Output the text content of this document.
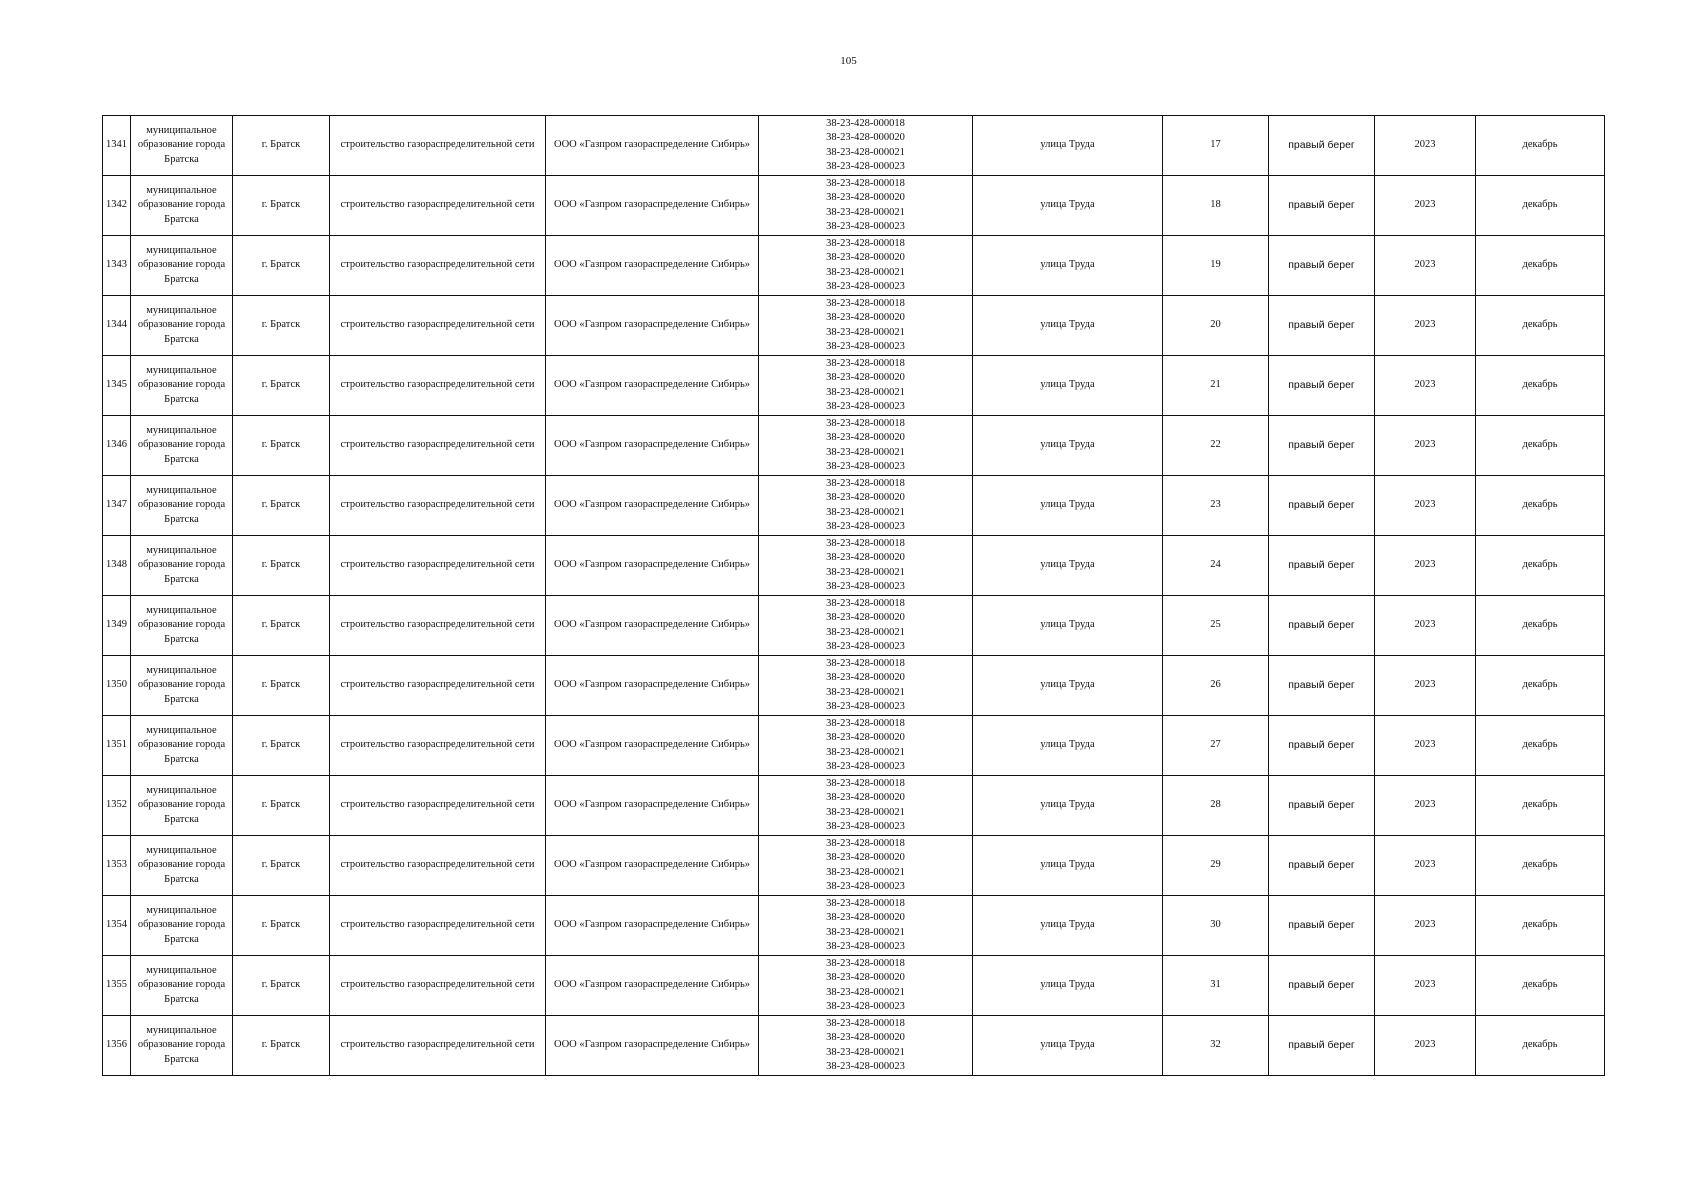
105
1341	муниципальное образование города Братска	г. Братск	строительство газораспределительной сети	ООО «Газпром газораспределение Сибирь»	38-23-428-000018
38-23-428-000020
38-23-428-000021
38-23-428-000023	улица Труда	17	правый берег	2023	декабрь
1342	муниципальное образование города Братска	г. Братск	строительство газораспределительной сети	ООО «Газпром газораспределение Сибирь»	38-23-428-000018
38-23-428-000020
38-23-428-000021
38-23-428-000023	улица Труда	18	правый берег	2023	декабрь
1343	муниципальное образование города Братска	г. Братск	строительство газораспределительной сети	ООО «Газпром газораспределение Сибирь»	38-23-428-000018
38-23-428-000020
38-23-428-000021
38-23-428-000023	улица Труда	19	правый берег	2023	декабрь
1344	муниципальное образование города Братска	г. Братск	строительство газораспределительной сети	ООО «Газпром газораспределение Сибирь»	38-23-428-000018
38-23-428-000020
38-23-428-000021
38-23-428-000023	улица Труда	20	правый берег	2023	декабрь
1345	муниципальное образование города Братска	г. Братск	строительство газораспределительной сети	ООО «Газпром газораспределение Сибирь»	38-23-428-000018
38-23-428-000020
38-23-428-000021
38-23-428-000023	улица Труда	21	правый берег	2023	декабрь
1346	муниципальное образование города Братска	г. Братск	строительство газораспределительной сети	ООО «Газпром газораспределение Сибирь»	38-23-428-000018
38-23-428-000020
38-23-428-000021
38-23-428-000023	улица Труда	22	правый берег	2023	декабрь
1347	муниципальное образование города Братска	г. Братск	строительство газораспределительной сети	ООО «Газпром газораспределение Сибирь»	38-23-428-000018
38-23-428-000020
38-23-428-000021
38-23-428-000023	улица Труда	23	правый берег	2023	декабрь
1348	муниципальное образование города Братска	г. Братск	строительство газораспределительной сети	ООО «Газпром газораспределение Сибирь»	38-23-428-000018
38-23-428-000020
38-23-428-000021
38-23-428-000023	улица Труда	24	правый берег	2023	декабрь
1349	муниципальное образование города Братска	г. Братск	строительство газораспределительной сети	ООО «Газпром газораспределение Сибирь»	38-23-428-000018
38-23-428-000020
38-23-428-000021
38-23-428-000023	улица Труда	25	правый берег	2023	декабрь
1350	муниципальное образование города Братска	г. Братск	строительство газораспределительной сети	ООО «Газпром газораспределение Сибирь»	38-23-428-000018
38-23-428-000020
38-23-428-000021
38-23-428-000023	улица Труда	26	правый берег	2023	декабрь
1351	муниципальное образование города Братска	г. Братск	строительство газораспределительной сети	ООО «Газпром газораспределение Сибирь»	38-23-428-000018
38-23-428-000020
38-23-428-000021
38-23-428-000023	улица Труда	27	правый берег	2023	декабрь
1352	муниципальное образование города Братска	г. Братск	строительство газораспределительной сети	ООО «Газпром газораспределение Сибирь»	38-23-428-000018
38-23-428-000020
38-23-428-000021
38-23-428-000023	улица Труда	28	правый берег	2023	декабрь
1353	муниципальное образование города Братска	г. Братск	строительство газораспределительной сети	ООО «Газпром газораспределение Сибирь»	38-23-428-000018
38-23-428-000020
38-23-428-000021
38-23-428-000023	улица Труда	29	правый берег	2023	декабрь
1354	муниципальное образование города Братска	г. Братск	строительство газораспределительной сети	ООО «Газпром газораспределение Сибирь»	38-23-428-000018
38-23-428-000020
38-23-428-000021
38-23-428-000023	улица Труда	30	правый берег	2023	декабрь
1355	муниципальное образование города Братска	г. Братск	строительство газораспределительной сети	ООО «Газпром газораспределение Сибирь»	38-23-428-000018
38-23-428-000020
38-23-428-000021
38-23-428-000023	улица Труда	31	правый берег	2023	декабрь
1356	муниципальное образование города Братска	г. Братск	строительство газораспределительной сети	ООО «Газпром газораспределение Сибирь»	38-23-428-000018
38-23-428-000020
38-23-428-000021
38-23-428-000023	улица Труда	32	правый берег	2023	декабрь
